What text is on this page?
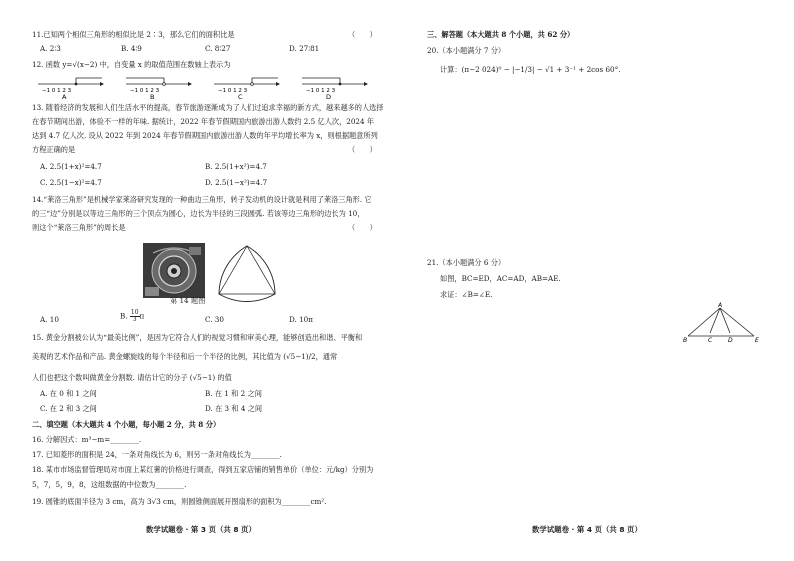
11.已知两个相似三角形的相似比是 2∶3，那么它们的面积比是	（　　）
A. 2∶3	B. 4∶9	C. 8∶27	D. 27∶81
12. 函数 y=√(x−2) 中，自变量 x 的取值范围在数轴上表示为
−1 0 1 2 3
A
−1 0 1 2 3
B
−1 0 1 2 3
C
−1 0 1 2 3
D
13. 随着经济的发展和人们生活水平的提高，春节旅游逐渐成为了人们过追求幸福的新方式，越来越多的人选择
在春节期间出游，体验不一样的年味. 据统计，2022 年春节假期国内旅游出游人数约 2.5 亿人次，2024 年
达到 4.7 亿人次. 设从 2022 年到 2024 年春节假期国内旅游出游人数的年平均增长率为 x，则根据题意所列
方程正确的是	（　　）
A. 2.5(1+x)²=4.7	B. 2.5(1+x²)=4.7
C. 2.5(1−x)²=4.7	D. 2.5(1−x²)=4.7
14.“莱洛三角形”是机械学家莱洛研究发现的一种曲边三角形，转子发动机的设计就是利用了莱洛三角形. 它
的三“边”分别是以等边三角形的三个顶点为圆心，边长为半径的三段圆弧. 若该等边三角形的边长为 10，
则这个“莱洛三角形”的周长是	（　　）
第 14 题图
A. 10	B. $\frac{10}{3}$ π	C. 30	D. 10π
15. 黄金分割被公认为“最美比例”，是因为它符合人们的视觉习惯和审美心理，能够创造出和谐、平衡和
美观的艺术作品和产品. 黄金螺旋线的每个半径和后一个半径的比例，其比值为 (√5−1)/2，通常
人们也把这个数叫做黄金分割数. 请估计它的分子 (√5−1) 的值
A. 在 0 和 1 之间	B. 在 1 和 2 之间
C. 在 2 和 3 之间	D. 在 3 和 4 之间
二、填空题（本大题共 4 个小题，每小题 2 分，共 8 分）
16. 分解因式：m³−m=________.
17. 已知菱形的面积是 24，一条对角线长为 6，则另一条对角线长为________.
18. 某市市场监督管理局对市面上某红薯的价格进行调查，得到五家店铺的销售单价（单位：元/kg）分别为
5，7，5，9，8，这组数据的中位数为________.
19. 圆锥的底面半径为 3 cm，高为 3√3 cm，则圆锥侧面展开图扇形的面积为________cm².
数学试题卷 · 第 3 页（共 8 页）
三、解答题（本大题共 8 个小题，共 62 分）
20.（本小题满分 7 分）
计算：(π−2 024)⁰ − |−1/3| − √1 + 3⁻¹ + 2cos 60°.
21.（本小题满分 6 分）
如图，BC=ED，AC=AD，AB=AE.
求证：∠B=∠E.
A
B	C	D	E
数学试题卷 · 第 4 页（共 8 页）
